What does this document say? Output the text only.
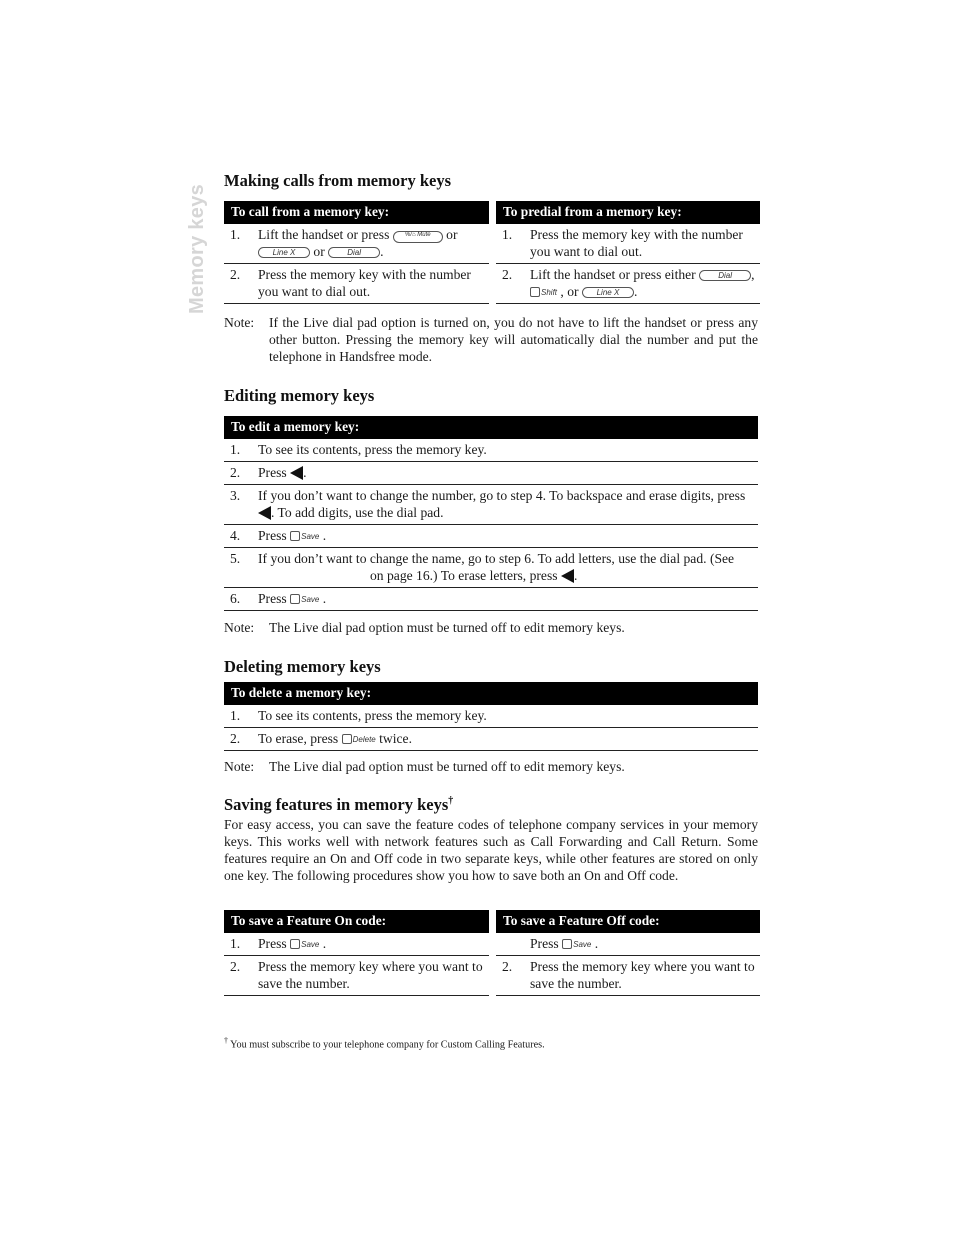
Memory keys
Making calls from memory keys
To call from a memory key:
1.	Lift the handset or press %/⌂ Mute or Line X or Dial .
2.	Press the memory key with the number you want to dial out.
To predial from a memory key:
1.	Press the memory key with the number you want to dial out.
2.	Lift the handset or press either Dial , Shift , or Line X .
Note:	If the Live dial pad option is turned on, you do not have to lift the handset or press any other button. Pressing the memory key will automatically dial the number and put the telephone in Handsfree mode.
Editing memory keys
To edit a memory key:
1.	To see its contents, press the memory key.
2.	Press .
3.	If you don’t want to change the number, go to step 4. To backspace and erase digits, press . To add digits, use the dial pad.
4.	Press Save .
5.	If you don’t want to change the name, go to step 6. To add letters, use the dial pad. (Seeon page 16.) To erase letters, press .
6.	Press Save .
Note:	The Live dial pad option must be turned off to edit memory keys.
Deleting memory keys
To delete a memory key:
1.	To see its contents, press the memory key.
2.	To erase, press Delete twice.
Note:	The Live dial pad option must be turned off to edit memory keys.
Saving features in memory keys†
For easy access, you can save the feature codes of telephone company services in your memory keys. This works well with network features such as Call Forwarding and Call Return. Some features require an On and Off code in two separate keys, while other features are stored on only one key. The following procedures show you how to save both an On and Off code.
To save a Feature On code:
1.	Press Save .
2.	Press the memory key where you want to save the number.
To save a Feature Off code:
Press Save .
2.	Press the memory key where you want to save the number.
† You must subscribe to your telephone company for Custom Calling Features.
